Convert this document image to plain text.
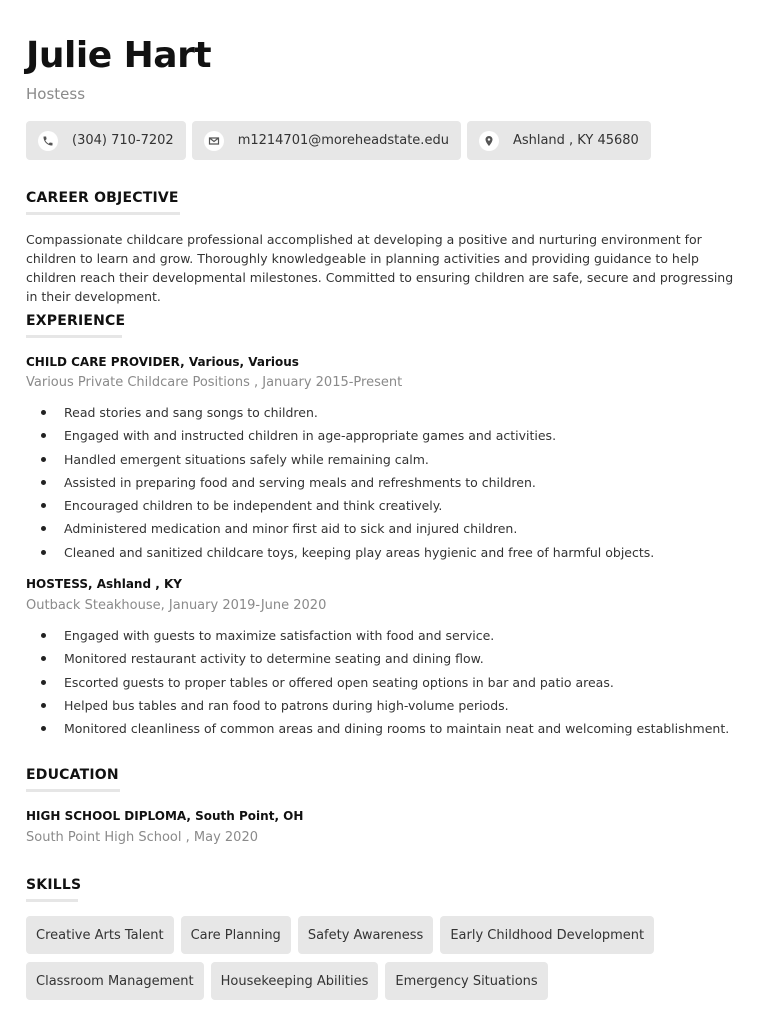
Julie Hart
Hostess
(304) 710-7202	m1214701@moreheadstate.edu	Ashland , KY 45680
CAREER OBJECTIVE

Compassionate childcare professional accomplished at developing a positive and nurturing environment for children to learn and grow. Thoroughly knowledgeable in planning activities and providing guidance to help children reach their developmental milestones. Committed to ensuring children are safe, secure and progressing in their development.

EXPERIENCE
CHILD CARE PROVIDER, Various, Various
Various Private Childcare Positions , January 2015-Present
Read stories and sang songs to children.
Engaged with and instructed children in age-appropriate games and activities.
Handled emergent situations safely while remaining calm.
Assisted in preparing food and serving meals and refreshments to children.
Encouraged children to be independent and think creatively.
Administered medication and minor first aid to sick and injured children.
Cleaned and sanitized childcare toys, keeping play areas hygienic and free of harmful objects.
HOSTESS, Ashland , KY
Outback Steakhouse, January 2019-June 2020
Engaged with guests to maximize satisfaction with food and service.
Monitored restaurant activity to determine seating and dining flow.
Escorted guests to proper tables or offered open seating options in bar and patio areas.
Helped bus tables and ran food to patrons during high-volume periods.
Monitored cleanliness of common areas and dining rooms to maintain neat and welcoming establishment.
EDUCATION
HIGH SCHOOL DIPLOMA, South Point, OH
South Point High School , May 2020
SKILLS
Creative Arts Talent	Care Planning	Safety Awareness	Early Childhood Development
Classroom Management	Housekeeping Abilities	Emergency Situations
